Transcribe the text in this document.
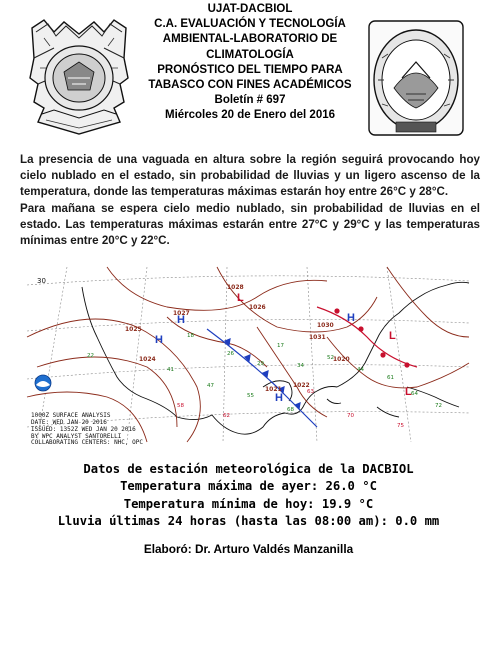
UJAT-DACBIOL
C.A. EVALUACIÓN Y TECNOLOGÍA
AMBIENTAL-LABORATORIO DE
CLIMATOLOGÍA
PRONÓSTICO DEL TIEMPO PARA
TABASCO CON FINES ACADÉMICOS
Boletín # 697
Miércoles 20 de Enero del 2016

La presencia de una vaguada en altura sobre la región seguirá provocando hoy cielo nublado en el estado, sin probabilidad de lluvias y un ligero ascenso de la temperatura, donde las temperaturas máximas estarán hoy entre 26°C y 28°C.

Para mañana se espera cielo medio nublado, sin probabilidad de lluvias en el estado. Las temperaturas máximas estarán entre 27°C y 29°C y las temperaturas mínimas entre 20°C y 22°C.

22
41
18
26
29
17
34
52
44
61
64
72
55
68
47
58
62
63
70
75
1025
1027
1028
1026
1024
1022
1020
1030
1031
1021
H
H	H
H
L
L
L
30
1000Z SURFACE ANALYSIS
DATE: WED JAN 20 2016
ISSUED: 1352Z WED JAN 20 2016
BY WPC ANALYST SANTORELLI
COLLABORATING CENTERS: NHC, OPC
Datos de estación meteorológica de la DACBIOL
Temperatura máxima de ayer: 26.0 °C
Temperatura mínima de hoy: 19.9 °C
Lluvia últimas 24 horas (hasta las 08:00 am): 0.0 mm
Elaboró: Dr. Arturo Valdés Manzanilla
